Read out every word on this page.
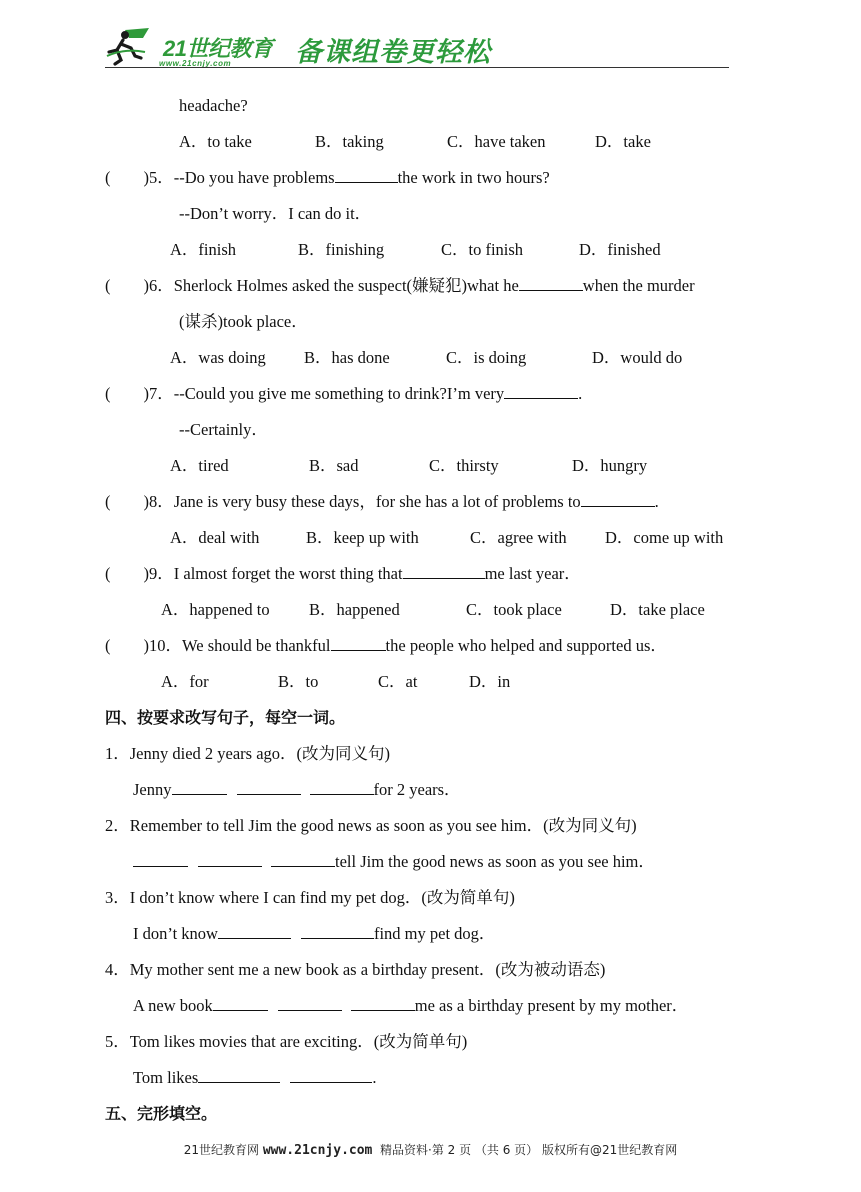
21世纪教育
www.21cnjy.com 备课组卷更轻松
headache?
A．to take	B．taking	C．have taken	D．take
(        )5．--Do you have problems	the work in two hours?
--Don’t worry．I can do it．
A．finish	B．finishing	C．to finish	D．finished
(        )6．Sherlock Holmes asked the suspect(嫌疑犯)what he	when the murder
(谋杀)took place．
A．was doing B．has done	C．is doing	D．would do
(        )7．--Could you give me something to drink?I’m very	.
--Certainly．
A．tired	B．sad	C．thirsty	D．hungry
(        )8．Jane is very busy these days，for she has a lot of problems to	.
A．deal with	B．keep up with	C．agree with D．come up with
(        )9．I almost forget the worst thing that	me last year．
A．happened to B．happened	C．took place	D．take place
(        )10．We should be thankful	the people who helped and supported us．
A．for	B．to	C．at	D．in
四、按要求改写句子，每空一词。
1．Jenny died 2 years ago．(改为同义句)
Jenny	for 2 years．
2．Remember to tell Jim the good news as soon as you see him．(改为同义句)
tell Jim the good news as soon as you see him．
3．I don’t know where I can find my pet dog．(改为简单句)
I don’t know	find my pet dog．
4．My mother sent me a new book as a birthday present．(改为被动语态)
A new book	me as a birthday present by my mother．
5．Tom likes movies that are exciting．(改为简单句)
Tom likes	.
五、完形填空。
21世纪教育网 www.21cnjy.com  精品资料·第 2 页 （共 6 页） 版权所有@21世纪教育网
